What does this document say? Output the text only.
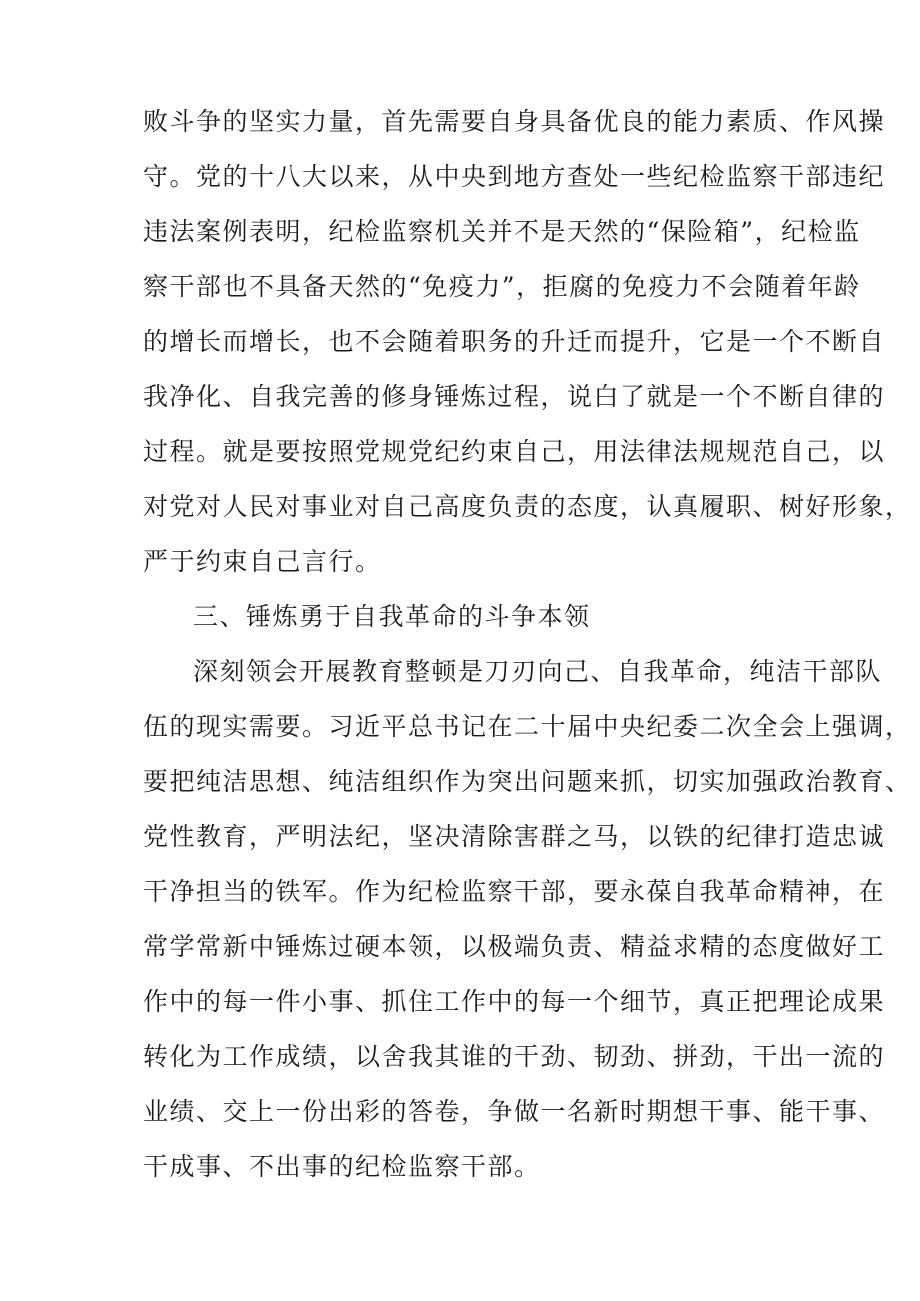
败斗争的坚实力量，首先需要自身具备优良的能力素质、作风操
守。党的十八大以来，从中央到地方查处一些纪检监察干部违纪
违法案例表明，纪检监察机关并不是天然的“保险箱”，纪检监
察干部也不具备天然的“免疫力”，拒腐的免疫力不会随着年龄
的增长而增长，也不会随着职务的升迁而提升，它是一个不断自
我净化、自我完善的修身锤炼过程，说白了就是一个不断自律的
过程。就是要按照党规党纪约束自己，用法律法规规范自己，以
对党对人民对事业对自己高度负责的态度，认真履职、树好形象，
严于约束自己言行。
三、锤炼勇于自我革命的斗争本领
深刻领会开展教育整顿是刀刃向己、自我革命，纯洁干部队
伍的现实需要。习近平总书记在二十届中央纪委二次全会上强调，
要把纯洁思想、纯洁组织作为突出问题来抓，切实加强政治教育、
党性教育，严明法纪，坚决清除害群之马，以铁的纪律打造忠诚
干净担当的铁军。作为纪检监察干部，要永葆自我革命精神，在
常学常新中锤炼过硬本领，以极端负责、精益求精的态度做好工
作中的每一件小事、抓住工作中的每一个细节，真正把理论成果
转化为工作成绩，以舍我其谁的干劲、韧劲、拼劲，干出一流的
业绩、交上一份出彩的答卷，争做一名新时期想干事、能干事、
干成事、不出事的纪检监察干部。
